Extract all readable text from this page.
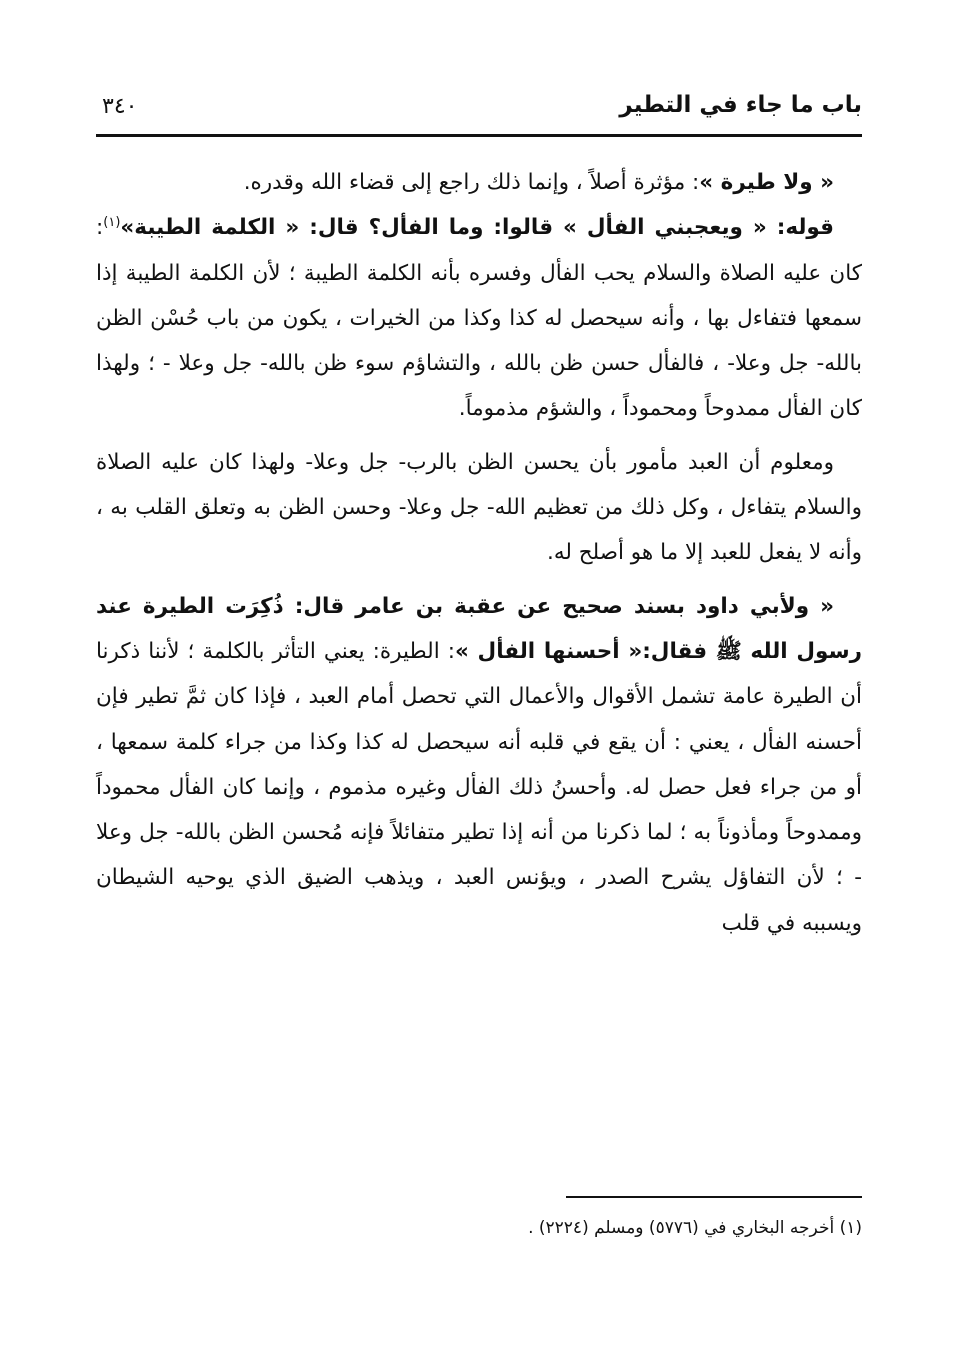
باب ما جاء في التطير
٣٤٠

« ولا طيرة »: مؤثرة أصلاً ، وإنما ذلك راجع إلى قضاء الله وقدره.

قوله: « ويعجبني الفأل » قالوا: وما الفأل؟ قال: « الكلمة الطيبة»$^{(١)}$: كان عليه الصلاة والسلام يحب الفأل وفسره بأنه الكلمة الطيبة ؛ لأن الكلمة الطيبة إذا سمعها فتفاءل بها ، وأنه سيحصل له كذا وكذا من الخيرات ، يكون من باب حُسْن الظن بالله- جل وعلا- ، فالفأل حسن ظن بالله ، والتشاؤم سوء ظن بالله- جل وعلا - ؛ ولهذا كان الفأل ممدوحاً ومحموداً ، والشؤم مذموماً.

ومعلوم أن العبد مأمور بأن يحسن الظن بالرب- جل وعلا- ولهذا كان عليه الصلاة والسلام يتفاءل ، وكل ذلك من تعظيم الله- جل وعلا- وحسن الظن به وتعلق القلب به ، وأنه لا يفعل للعبد إلا ما هو أصلح له.

« ولأبي داود بسند صحيح عن عقبة بن عامر قال: ذُكِرَت الطيرة عند رسول الله ﷺ فقال:« أحسنها الفأل »: الطيرة: يعني التأثر بالكلمة ؛ لأننا ذكرنا أن الطيرة عامة تشمل الأقوال والأعمال التي تحصل أمام العبد ، فإذا كان ثمَّ تطير فإن أحسنه الفأل ، يعني : أن يقع في قلبه أنه سيحصل له كذا وكذا من جراء كلمة سمعها ، أو من جراء فعل حصل له. وأحسنُ ذلك الفأل وغيره مذموم ، وإنما كان الفأل محموداً وممدوحاً ومأذوناً به ؛ لما ذكرنا من أنه إذا تطير متفائلاً فإنه مُحسن الظن بالله- جل وعلا - ؛ لأن التفاؤل يشرح الصدر ، ويؤنس العبد ، ويذهب الضيق الذي يوحيه الشيطان ويسببه في قلب

(١) أخرجه البخاري في (٥٧٧٦) ومسلم (٢٢٢٤) .
